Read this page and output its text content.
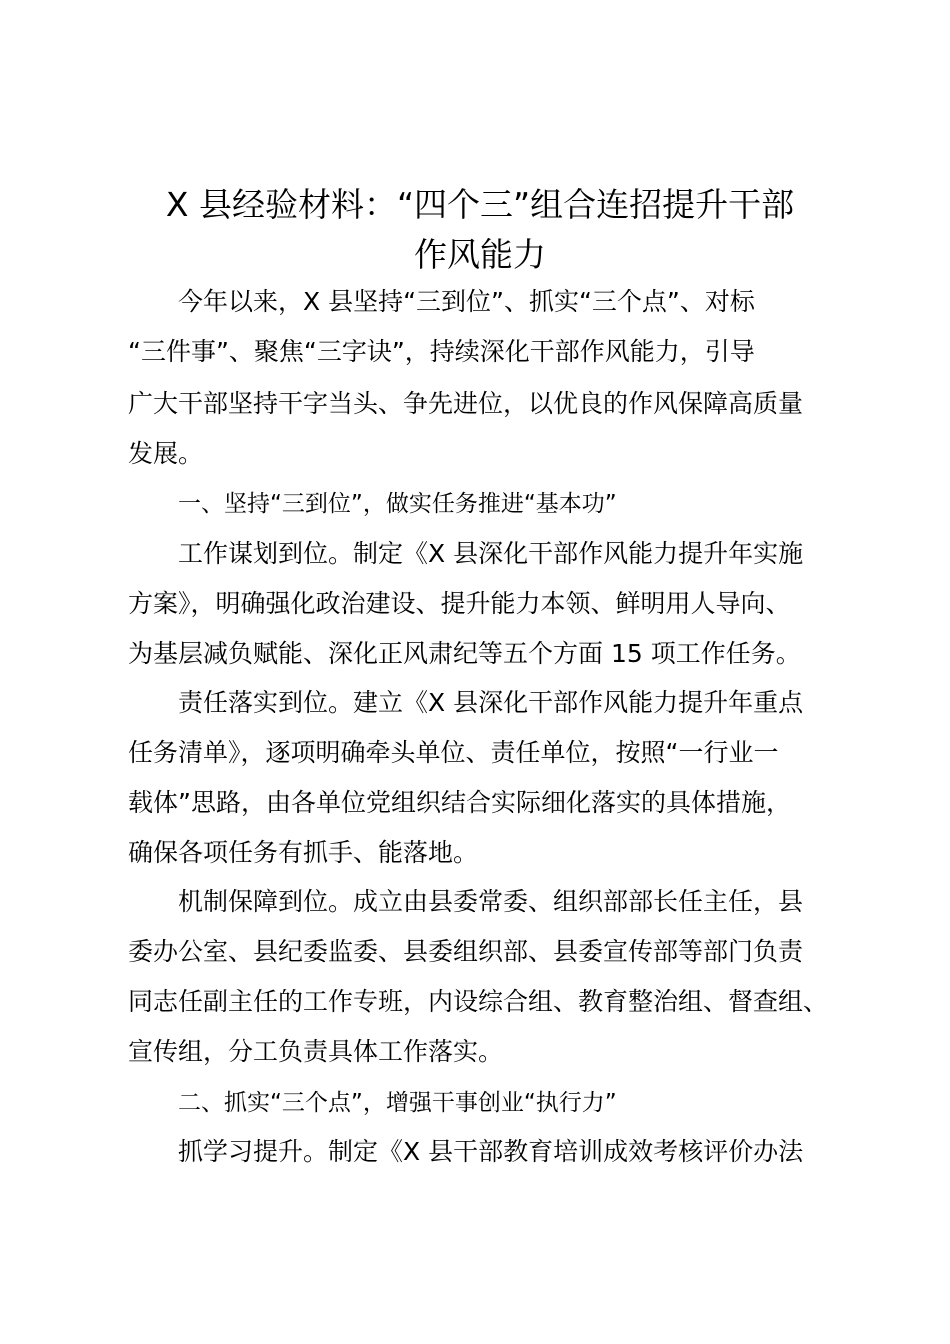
X 县经验材料：“四个三”组合连招提升干部
作风能力
今年以来，X 县坚持“三到位”、抓实“三个点”、对标
“三件事”、聚焦“三字诀”，持续深化干部作风能力，引导
广大干部坚持干字当头、争先进位，以优良的作风保障高质量
发展。
一、坚持“三到位”，做实任务推进“基本功”
工作谋划到位。制定《X 县深化干部作风能力提升年实施
方案》，明确强化政治建设、提升能力本领、鲜明用人导向、
为基层减负赋能、深化正风肃纪等五个方面 15 项工作任务。
责任落实到位。建立《X 县深化干部作风能力提升年重点
任务清单》，逐项明确牵头单位、责任单位，按照“一行业一
载体”思路，由各单位党组织结合实际细化落实的具体措施，
确保各项任务有抓手、能落地。
机制保障到位。成立由县委常委、组织部部长任主任，县
委办公室、县纪委监委、县委组织部、县委宣传部等部门负责
同志任副主任的工作专班，内设综合组、教育整治组、督查组、
宣传组，分工负责具体工作落实。
二、抓实“三个点”，增强干事创业“执行力”
抓学习提升。制定《X 县干部教育培训成效考核评价办法
